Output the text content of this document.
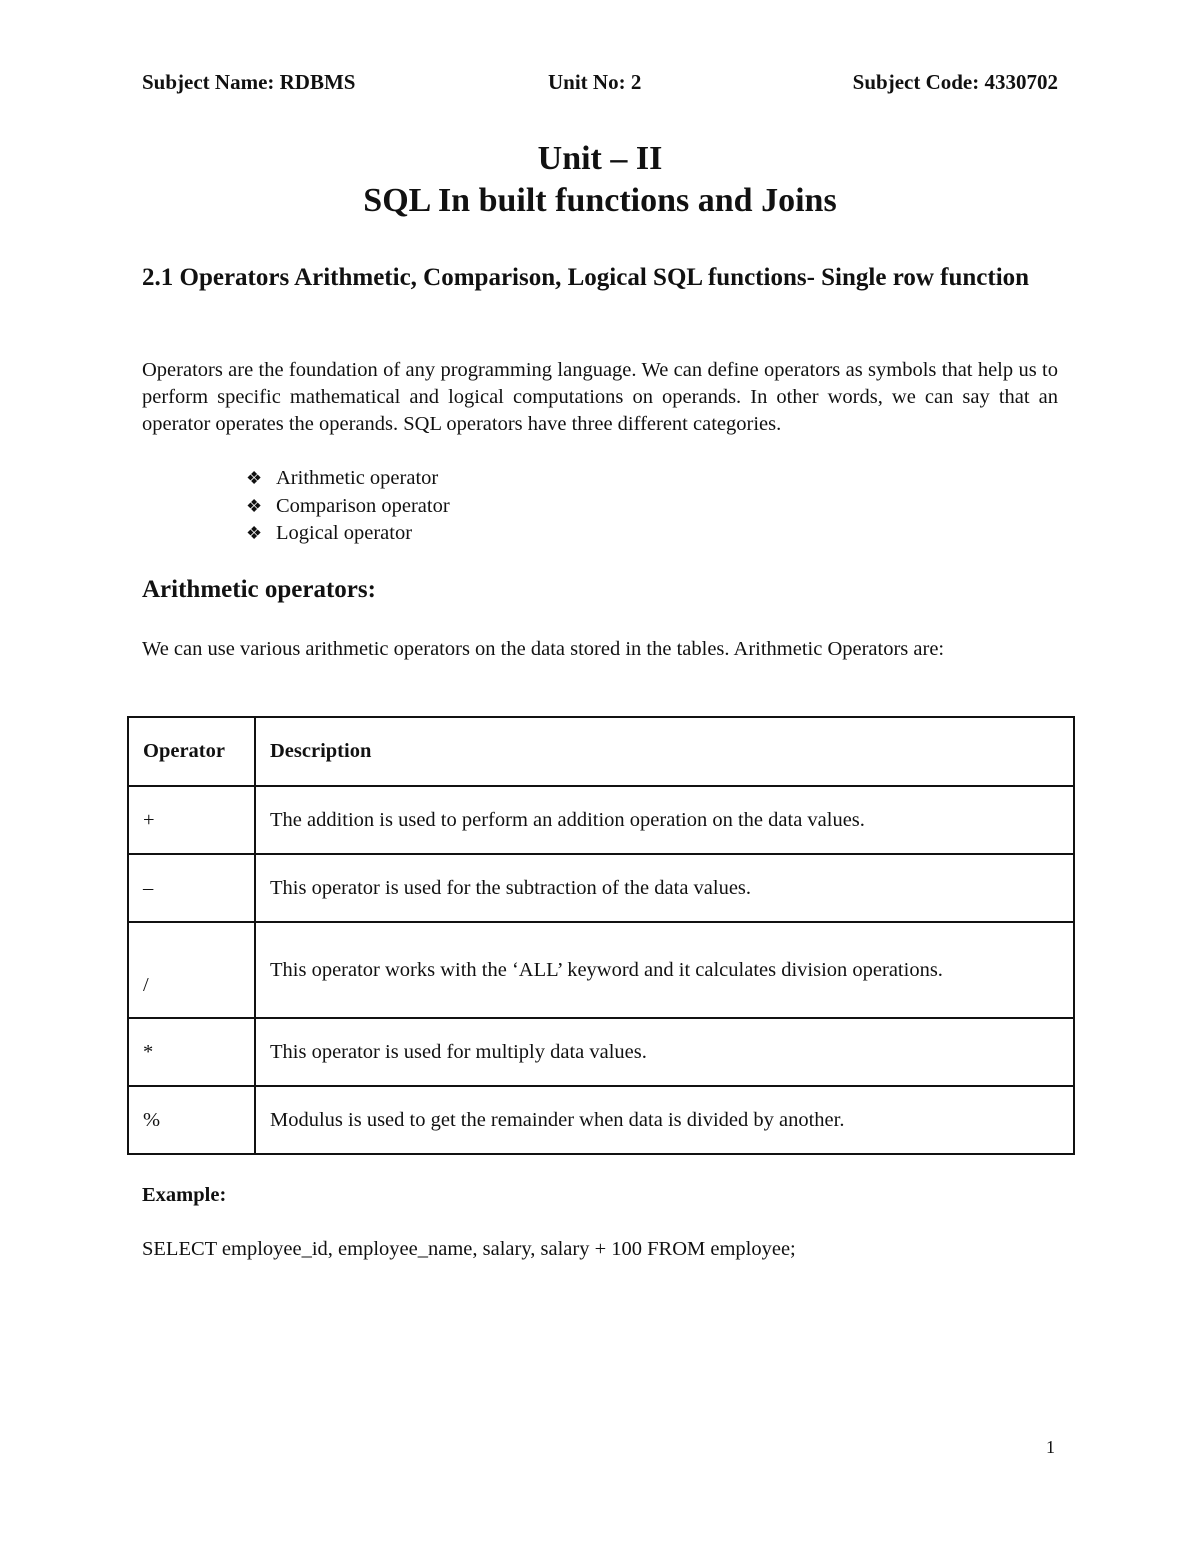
Subject Name: RDBMS	Unit No: 2	Subject Code: 4330702
Unit – II
SQL In built functions and Joins
2.1 Operators Arithmetic, Comparison, Logical SQL functions- Single row function

Operators are the foundation of any programming language. We can define operators as symbols that help us to perform specific mathematical and logical computations on operands. In other words, we can say that an operator operates the operands. SQL operators have three different categories.

❖ Arithmetic operator
❖ Comparison operator
❖ Logical operator
Arithmetic operators:

We can use various arithmetic operators on the data stored in the tables. Arithmetic Operators are:

Operator	Description
+	The addition is used to perform an addition operation on the data values.
–	This operator is used for the subtraction of the data values.

/	This operator works with the ‘ALL’ keyword and it calculates division operations.

*	This operator is used for multiply data values.
%	Modulus is used to get the remainder when data is divided by another.
Example:
SELECT employee_id, employee_name, salary, salary + 100 FROM employee;
1
